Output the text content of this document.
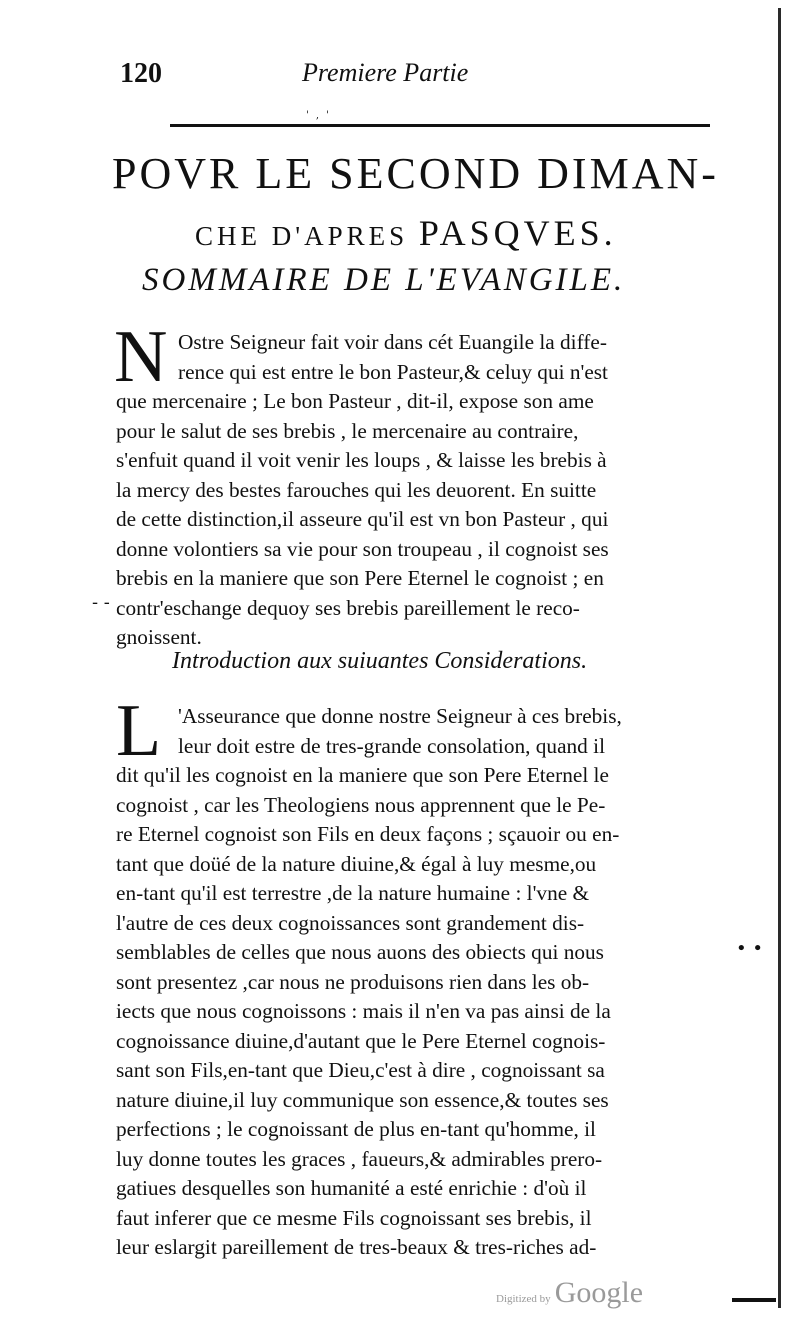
120	Premiere Partie
' , '
POVR LE SECOND DIMAN-
CHE D'APRES PASQVES.
SOMMAIRE DE L'EVANGILE.
N Ostre Seigneur fait voir dans cét Euangile la diffe-
rence qui est entre le bon Pasteur,& celuy qui n'est
que mercenaire ; Le bon Pasteur , dit-il, expose son ame
pour le salut de ses brebis , le mercenaire au contraire,
s'enfuit quand il voit venir les loups , & laisse les brebis à
la mercy des bestes farouches qui les deuorent. En suitte
de cette distinction,il asseure qu'il est vn bon Pasteur , qui
donne volontiers sa vie pour son troupeau , il cognoist ses
brebis en la maniere que son Pere Eternel le cognoist ; en
contr'eschange dequoy ses brebis pareillement le reco-
gnoissent.
- -
Introduction aux suiuantes Considerations.
L 'Asseurance que donne nostre Seigneur à ces brebis,
leur doit estre de tres-grande consolation, quand il
dit qu'il les cognoist en la maniere que son Pere Eternel le
cognoist , car les Theologiens nous apprennent que le Pe-
re Eternel cognoist son Fils en deux façons ; sçauoir ou en-
tant que doüé de la nature diuine,& égal à luy mesme,ou
en-tant qu'il est terrestre ,de la nature humaine : l'vne &
l'autre de ces deux cognoissances sont grandement dis-
semblables de celles que nous auons des obiects qui nous
sont presentez ,car nous ne produisons rien dans les ob-
iects que nous cognoissons : mais il n'en va pas ainsi de la
cognoissance diuine,d'autant que le Pere Eternel cognois-
sant son Fils,en-tant que Dieu,c'est à dire , cognoissant sa
nature diuine,il luy communique son essence,& toutes ses
perfections ; le cognoissant de plus en-tant qu'homme, il
luy donne toutes les graces , faueurs,& admirables prero-
gatiues desquelles son humanité a esté enrichie : d'où il
faut inferer que ce mesme Fils cognoissant ses brebis, il
leur eslargit pareillement de tres-beaux & tres-riches ad-
• •
Digitized by Google
